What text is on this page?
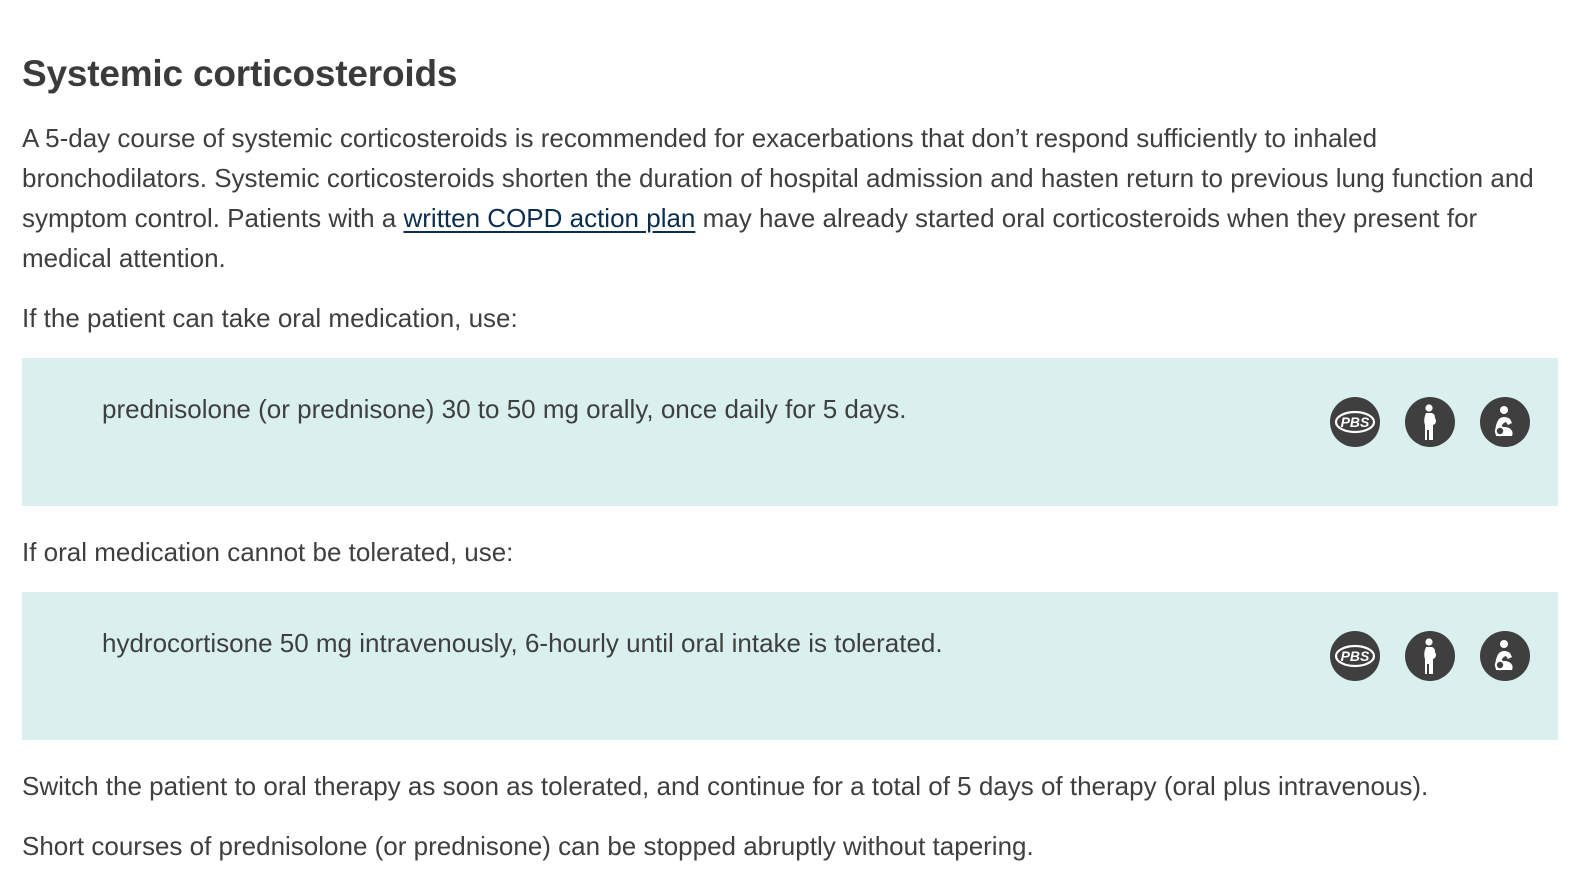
Systemic corticosteroids

A 5-day course of systemic corticosteroids is recommended for exacerbations that don’t respond sufficiently to inhaled bronchodilators. Systemic corticosteroids shorten the duration of hospital admission and hasten return to previous lung function and symptom control. Patients with a written COPD action plan may have already started oral corticosteroids when they present for medical attention.

If the patient can take oral medication, use:

prednisolone (or prednisone) 30 to 50 mg orally, once daily for 5 days.	PBS

If oral medication cannot be tolerated, use:

hydrocortisone 50 mg intravenously, 6-hourly until oral intake is tolerated.	PBS

Switch the patient to oral therapy as soon as tolerated, and continue for a total of 5 days of therapy (oral plus intravenous).

Short courses of prednisolone (or prednisone) can be stopped abruptly without tapering.
